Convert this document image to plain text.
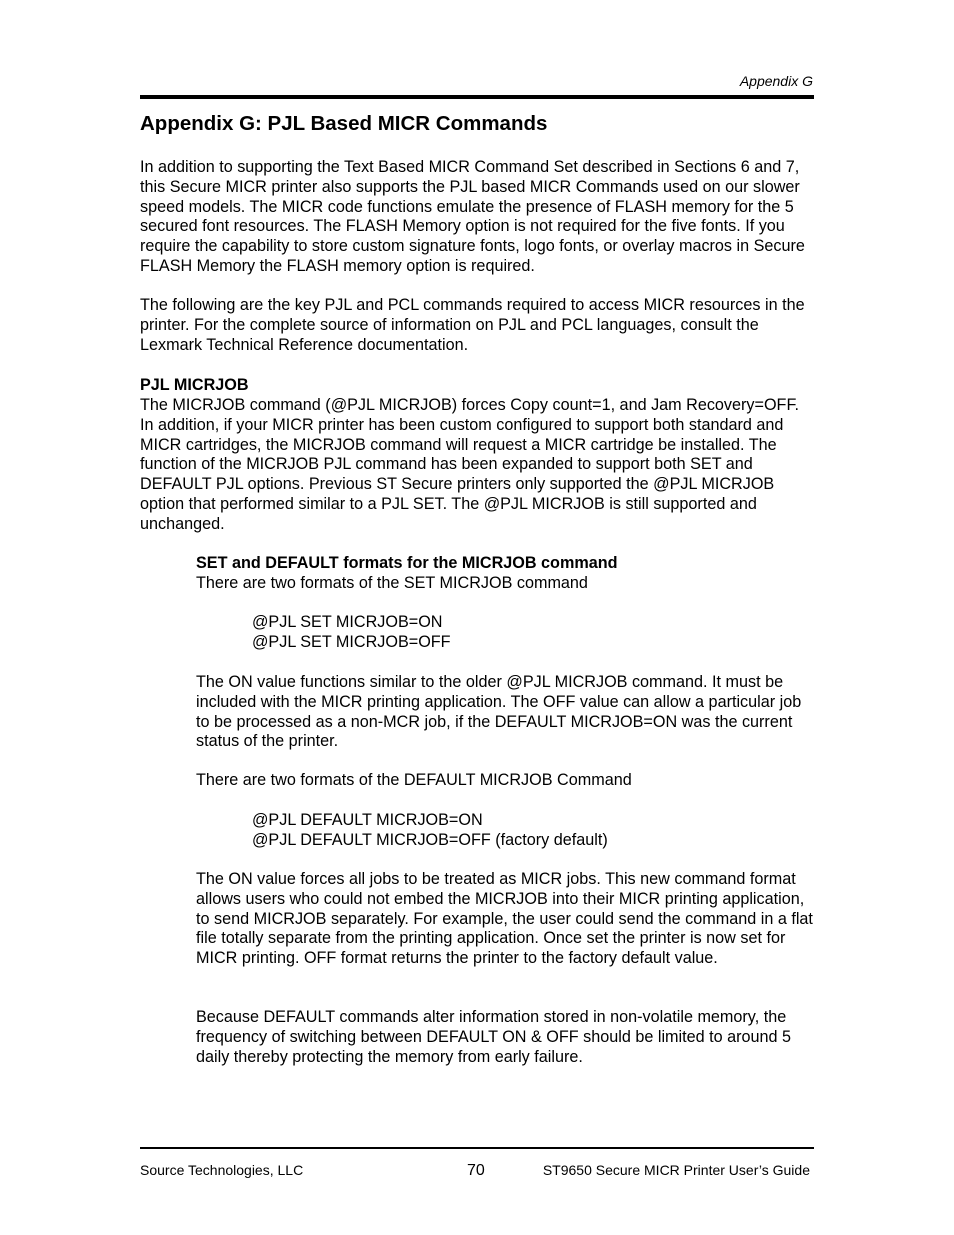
Appendix G
Appendix G: PJL Based MICR Commands

In addition to supporting the Text Based MICR Command Set described in Sections 6 and 7, this Secure MICR printer also supports the PJL based MICR Commands used on our slower speed models. The MICR code functions emulate the presence of FLASH memory for the 5 secured font resources. The FLASH Memory option is not required for the five fonts. If you require the capability to store custom signature fonts, logo fonts, or overlay macros in Secure FLASH Memory the FLASH memory option is required.

The following are the key PJL and PCL commands required to access MICR resources in the printer. For the complete source of information on PJL and PCL languages, consult the Lexmark Technical Reference documentation.

PJL MICRJOB

The MICRJOB command (@PJL MICRJOB) forces Copy count=1, and Jam Recovery=OFF. In addition, if your MICR printer has been custom configured to support both standard and MICR cartridges, the MICRJOB command will request a MICR cartridge be installed. The function of the MICRJOB PJL command has been expanded to support both SET and DEFAULT PJL options. Previous ST Secure printers only supported the @PJL MICRJOB option that performed similar to a PJL SET. The @PJL MICRJOB is still supported and unchanged.

SET and DEFAULT formats for the MICRJOB command

There are two formats of the SET MICRJOB command

@PJL SET MICRJOB=ON

@PJL SET MICRJOB=OFF

The ON value functions similar to the older @PJL MICRJOB command. It must be included with the MICR printing application. The OFF value can allow a particular job to be processed as a non-MCR job, if the DEFAULT MICRJOB=ON was the current status of the printer.

There are two formats of the DEFAULT MICRJOB Command

@PJL DEFAULT MICRJOB=ON

@PJL DEFAULT MICRJOB=OFF (factory default)

The ON value forces all jobs to be treated as MICR jobs. This new command format allows users who could not embed the MICRJOB into their MICR printing application, to send MICRJOB separately. For example, the user could send the command in a flat file totally separate from the printing application. Once set the printer is now set for MICR printing. OFF format returns the printer to the factory default value.

Because DEFAULT commands alter information stored in non-volatile memory, the frequency of switching between DEFAULT ON & OFF should be limited to around 5 daily thereby protecting the memory from early failure.

Source Technologies, LLC	70	ST9650 Secure MICR Printer User’s Guide
